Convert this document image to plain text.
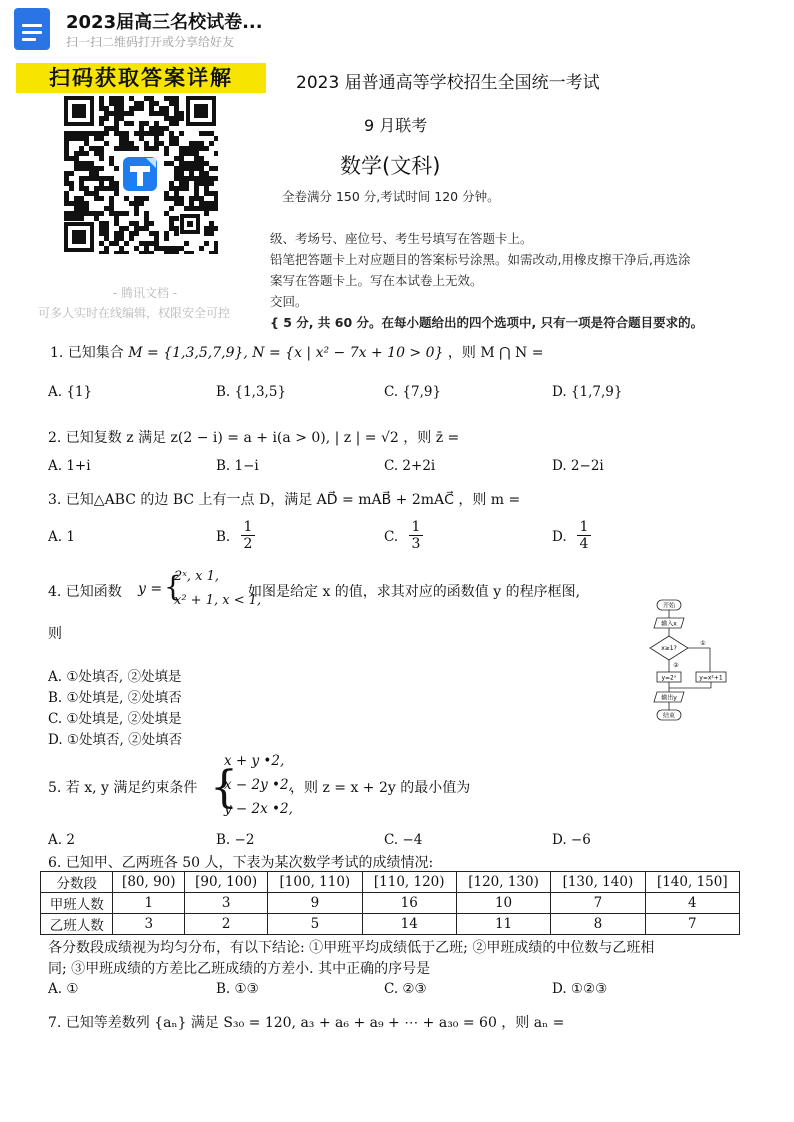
2023届高三名校试卷...
扫一扫二维码打开或分享给好友
扫码获取答案详解
- 腾讯文档 -
可多人实时在线编辑，权限安全可控
2023 届普通高等学校招生全国统一考试
9 月联考
数学(文科)
全卷满分 150 分,考试时间 120 分钟。
级、考场号、座位号、考生号填写在答题卡上。
铅笔把答题卡上对应题目的答案标号涂黑。如需改动,用橡皮擦干净后,再选涂
案写在答题卡上。写在本试卷上无效。
交回。
{ 5 分, 共 60 分。在每小题给出的四个选项中, 只有一项是符合题目要求的。
1. 已知集合 M = {1,3,5,7,9}, N = {x | x² − 7x + 10 > 0} ，则 M ⋂ N =
A. {1}	B. {1,3,5}	C. {7,9}	D. {1,7,9}
2. 已知复数 z 满足 z(2 − i) = a + i(a > 0), | z | = √2 ，则 z̄ =
A. 1+i	B. 1−i	C. 2+2i	D. 2−2i
3. 已知△ABC 的边 BC 上有一点 D，满足 AD⃗ = mAB⃗ + 2mAC⃗ ，则 m =
A. 1	B.	C.	D.
$\frac{1}{2}$	$\frac{1}{3}$	$\frac{1}{4}$
4. 已知函数 y = {
2ˣ, x 1,
x² + 1, x < 1,
如图是给定 x 的值，求其对应的函数值 y 的程序框图,
则
A. ①处填否, ②处填是
B. ①处填是, ②处填否
C. ①处填是, ②处填是
D. ①处填否, ②处填否
开始
输入x
x≥1?
①
②
y=2ˣ	y=x²+1
输出y
结束
5. 若 x, y 满足约束条件 {
x + y •2,
x − 2y •2,
y − 2x •2,
，则 z = x + 2y 的最小值为
A. 2	B. −2	C. −4	D. −6
6. 已知甲、乙两班各 50 人，下表为某次数学考试的成绩情况:
分数段	[80, 90)	[90, 100)	[100, 110)	[110, 120)	[120, 130)	[130, 140)	[140, 150]
甲班人数	1	3	9	16	10	7	4
乙班人数	3	2	5	14	11	8	7
各分数段成绩视为均匀分布，有以下结论: ①甲班平均成绩低于乙班; ②甲班成绩的中位数与乙班相
同; ③甲班成绩的方差比乙班成绩的方差小. 其中正确的序号是
A. ①	B. ①③	C. ②③	D. ①②③
7. 已知等差数列 {aₙ} 满足 S₃₀ = 120, a₃ + a₆ + a₉ + ⋯ + a₃₀ = 60 ，则 aₙ =
